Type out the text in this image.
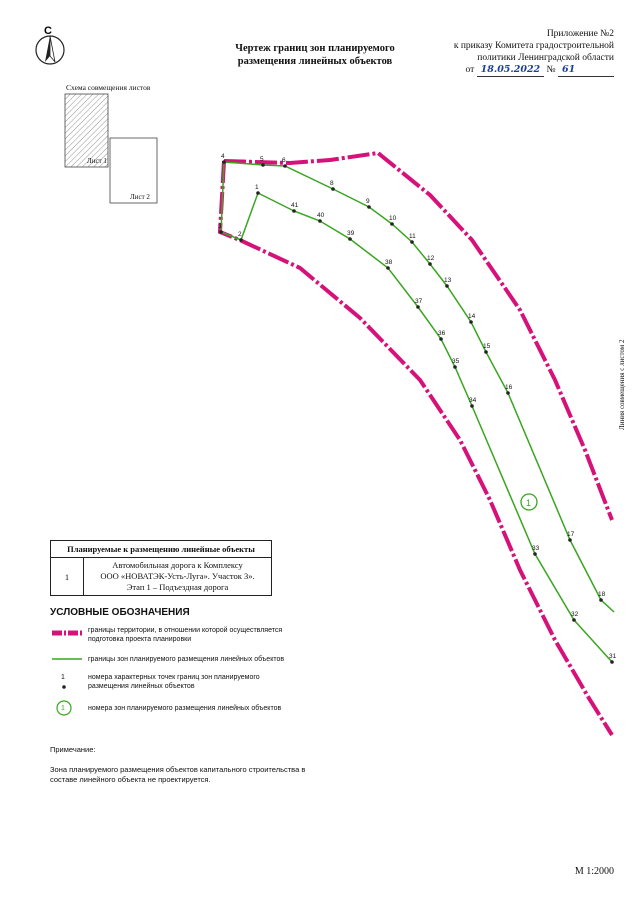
С
1
1
2
3
4	5	6
8
9
10
11
12
13
14
15
16
17
18
31
32
33
34
35
36
37
38
39
40
41
Чертеж границ зон планируемого
размещения линейных объектов
Приложение №2
к приказу Комитета градостроительной
политики Ленинградской области
от 18.05.2022 № 61
Схема совмещения листов
Лист 1
Лист 2
Линия совмещения с листом 2
Планируемые к размещению линейные объекты
1
Автомобильная дорога к Комплексу
ООО «НОВАТЭК-Усть-Луга». Участок 3».
Этап 1 – Подъездная дорога
УСЛОВНЫЕ ОБОЗНАЧЕНИЯ
границы территории, в отношении которой осуществляется подготовка проекта планировки
границы зон планируемого размещения линейных объектов
1	номера характерных точек границ зон планируемого размещения линейных объектов
1	номера зон планируемого размещения линейных объектов
Примечание:
Зона планируемого размещения объектов капитального строительства в составе линейного объекта не проектируется.
М 1:2000
